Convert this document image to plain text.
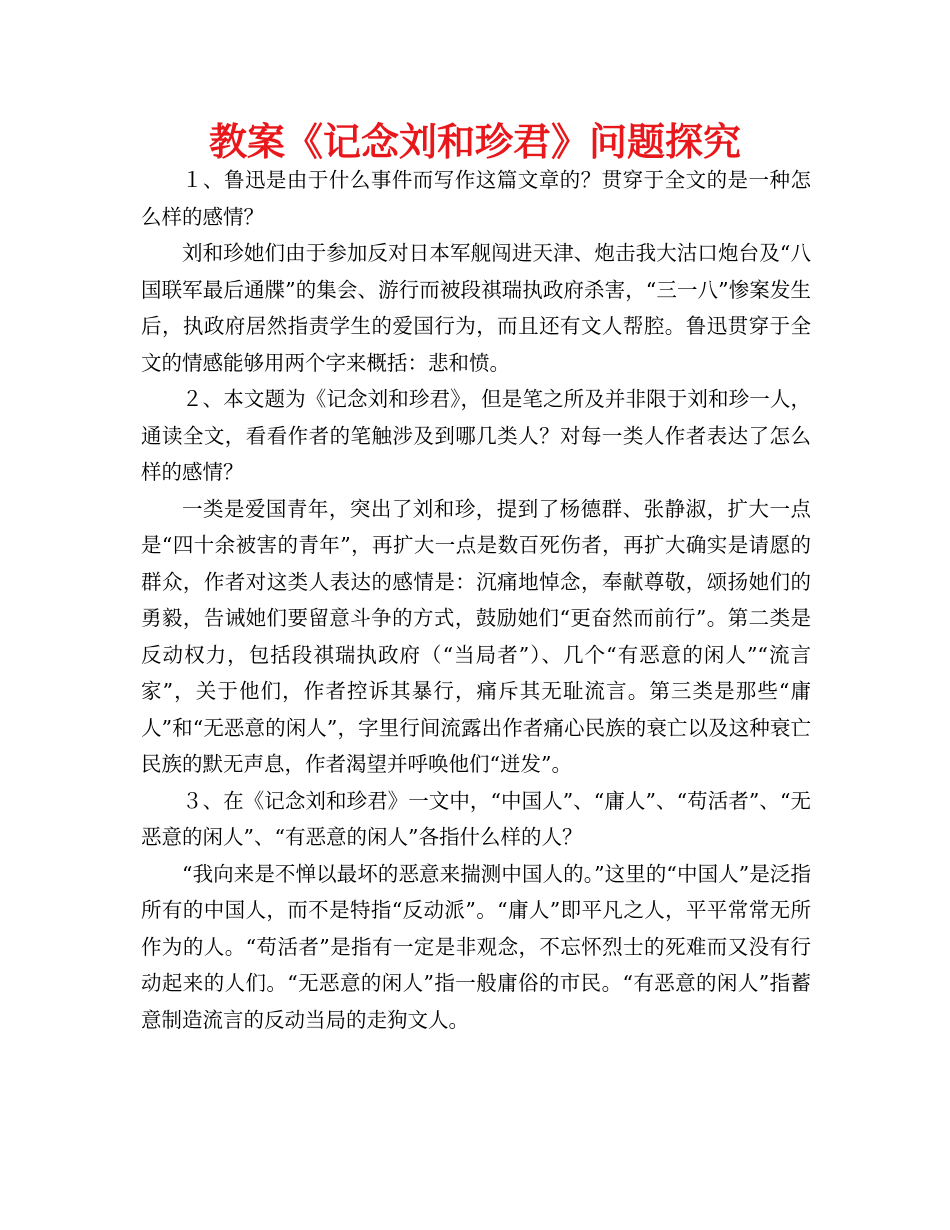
教案《记念刘和珍君》问题探究

１、鲁迅是由于什么事件而写作这篇文章的？贯穿于全文的是一种怎么样的感情？

刘和珍她们由于参加反对日本军舰闯进天津、炮击我大沽口炮台及“八国联军最后通牒”的集会、游行而被段祺瑞执政府杀害，“三一八”惨案发生后，执政府居然指责学生的爱国行为，而且还有文人帮腔。鲁迅贯穿于全文的情感能够用两个字来概括：悲和愤。

２、本文题为《记念刘和珍君》，但是笔之所及并非限于刘和珍一人，通读全文，看看作者的笔触涉及到哪几类人？对每一类人作者表达了怎么样的感情？

一类是爱国青年，突出了刘和珍，提到了杨德群、张静淑，扩大一点是“四十余被害的青年”，再扩大一点是数百死伤者，再扩大确实是请愿的群众，作者对这类人表达的感情是：沉痛地悼念，奉献尊敬，颂扬她们的勇毅，告诫她们要留意斗争的方式，鼓励她们“更奋然而前行”。第二类是反动权力，包括段祺瑞执政府（“当局者”）、几个“有恶意的闲人”“流言家”，关于他们，作者控诉其暴行，痛斥其无耻流言。第三类是那些“庸人”和“无恶意的闲人”，字里行间流露出作者痛心民族的衰亡以及这种衰亡民族的默无声息，作者渴望并呼唤他们“迸发”。

３、在《记念刘和珍君》一文中，“中国人”、“庸人”、“苟活者”、“无恶意的闲人”、“有恶意的闲人”各指什么样的人？

“我向来是不惮以最坏的恶意来揣测中国人的。”这里的“中国人”是泛指所有的中国人，而不是特指“反动派”。“庸人”即平凡之人，平平常常无所作为的人。“苟活者”是指有一定是非观念，不忘怀烈士的死难而又没有行动起来的人们。“无恶意的闲人”指一般庸俗的市民。“有恶意的闲人”指蓄意制造流言的反动当局的走狗文人。
